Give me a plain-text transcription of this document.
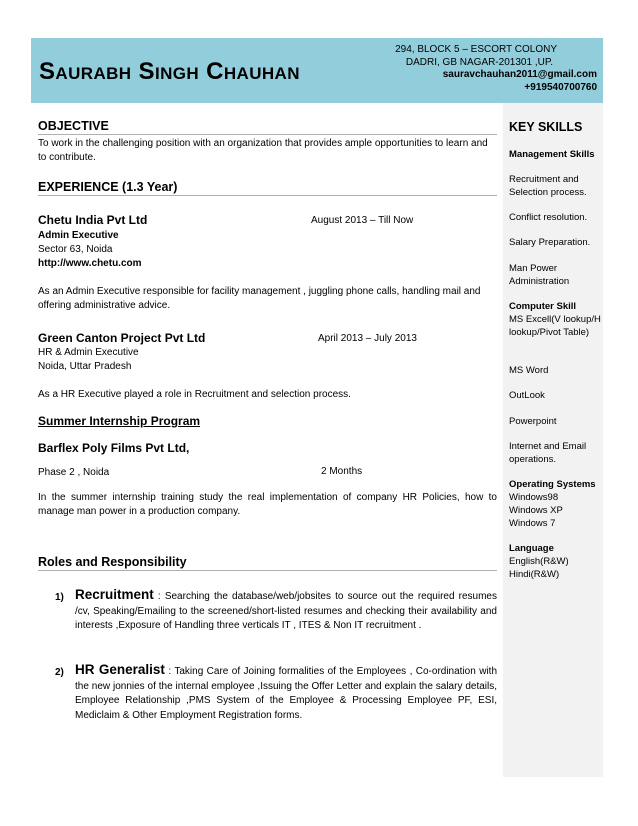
Saurabh Singh Chauhan
294, BLOCK 5 – ESCORT COLONY
DADRI, GB NAGAR-201301 ,UP.
sauravchauhan2011@gmail.com
+919540700760
KEY SKILLS
Management Skills
Recruitment and Selection process.
Conflict resolution.
Salary Preparation.
Man Power Administration
Computer Skill
MS Excell(V lookup/H lookup/Pivot Table)
MS Word
OutLook
Powerpoint
Internet and Email operations.
Operating Systems
Windows98
Windows XP
Windows 7
Language
English(R&W)
Hindi(R&W)
OBJECTIVE
To work in the challenging position with an organization that provides ample opportunities to learn and to contribute.
EXPERIENCE (1.3 Year)
Chetu India Pvt Ltd	August 2013 – Till Now
Admin Executive
Sector 63, Noida
http://www.chetu.com
As an Admin Executive responsible for facility management , juggling phone calls, handling mail and offering administrative advice.
Green Canton Project Pvt Ltd	April 2013 – July 2013
HR & Admin Executive
Noida, Uttar Pradesh
As a HR Executive played a role in Recruitment and selection process.
Summer Internship Program
Barflex Poly Films Pvt Ltd,
Phase 2 , Noida	2 Months
In the summer internship training study the real implementation of company HR Policies, how to manage man power in a production company.
Roles and Responsibility
1) Recruitment : Searching the database/web/jobsites to source out the required resumes /cv, Speaking/Emailing to the screened/short-listed resumes and checking their availability and interests ,Exposure of Handling three verticals IT , ITES & Non IT recruitment .
2) HR Generalist : Taking Care of Joining formalities of the Employees , Co-ordination with the new jonnies of the internal employee ,Issuing the Offer Letter and explain the salary details, Employee Relationship ,PMS System of the Employee & Processing Employee PF, ESI, Mediclaim & Other Employment Registration forms.
